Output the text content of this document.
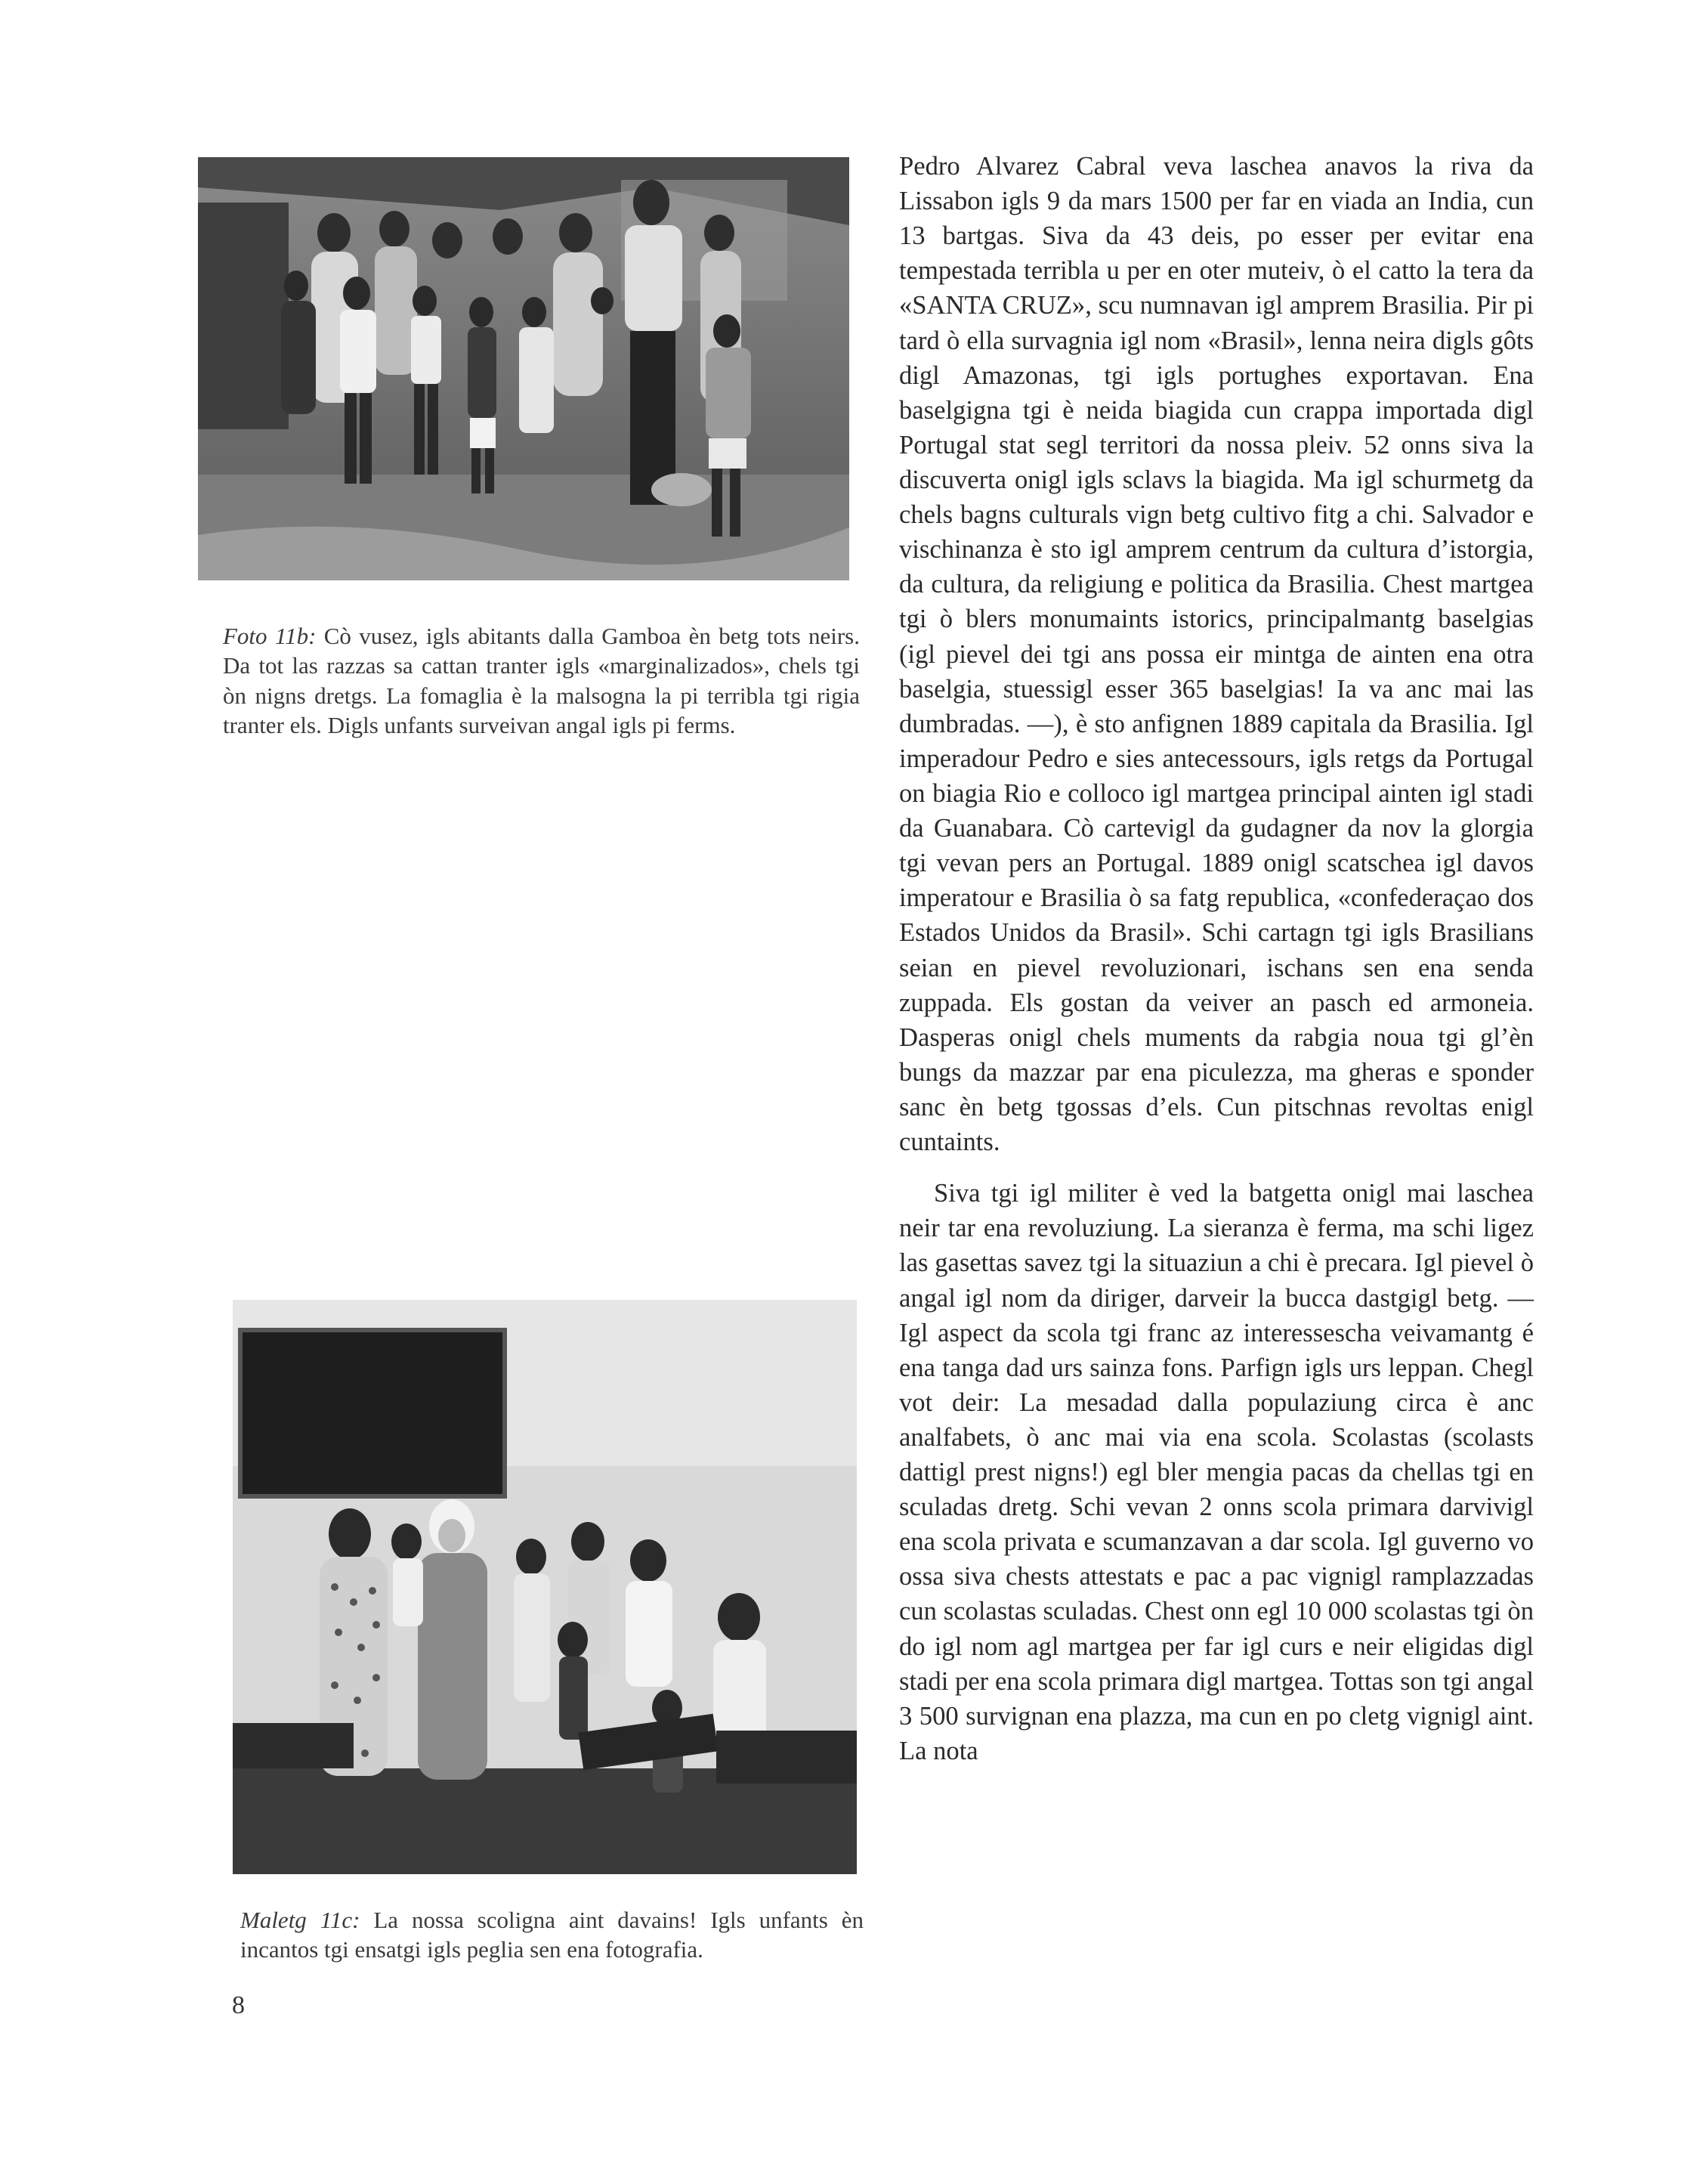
Foto 11b: Cò vusez, igls abitants dalla Gamboa èn betg tots neirs. Da tot las razzas sa cattan tranter igls «marginalizados», chels tgi òn nigns dretgs. La fomaglia è la malsogna la pi terribla tgi rigia tranter els. Digls unfants surveivan angal igls pi ferms.
Maletg 11c: La nossa scoligna aint davains! Igls unfants èn incantos tgi ensatgi igls peglia sen ena fotografia.

Pedro Alvarez Cabral veva laschea anavos la riva da Lissabon igls 9 da mars 1500 per far en viada an India, cun 13 bartgas. Siva da 43 deis, po esser per evitar ena tempestada terribla u per en oter muteiv, ò el catto la tera da «SANTA CRUZ», scu numnavan igl amprem Brasilia. Pir pi tard ò ella survagnia igl nom «Brasil», lenna neira digls gôts digl Amazonas, tgi igls portughes exportavan. Ena baselgigna tgi è neida biagida cun crappa importada digl Portugal stat segl territori da nossa pleiv. 52 onns siva la discuverta onigl igls sclavs la biagida. Ma igl schurmetg da chels bagns culturals vign betg cultivo fitg a chi. Salvador e vischinanza è sto igl amprem centrum da cultura d’istorgia, da cultura, da religiung e politica da Brasilia. Chest martgea tgi ò blers monumaints istorics, principalmantg baselgias (igl pievel dei tgi ans possa eir mintga de ainten ena otra baselgia, stuessigl esser 365 baselgias! Ia va anc mai las dumbradas. —), è sto anfignen 1889 capitala da Brasilia. Igl imperadour Pedro e sies antecessours, igls retgs da Portugal on biagia Rio e colloco igl martgea principal ainten igl stadi da Guanabara. Cò cartevigl da gudagner da nov la glorgia tgi vevan pers an Portugal. 1889 onigl scatschea igl davos imperatour e Brasilia ò sa fatg republica, «confederaçao dos Estados Unidos da Brasil». Schi cartagn tgi igls Brasilians seian en pievel revoluzionari, ischans sen ena senda zuppada. Els gostan da veiver an pasch ed armoneia. Dasperas onigl chels muments da rabgia noua tgi gl’èn bungs da mazzar par ena piculezza, ma gheras e sponder sanc èn betg tgossas d’els. Cun pitschnas revoltas enigl cuntaints.

Siva tgi igl militer è ved la batgetta onigl mai laschea neir tar ena revoluziung. La sieranza è ferma, ma schi ligez las gasettas savez tgi la situaziun a chi è precara. Igl pievel ò angal igl nom da diriger, darveir la bucca dastgigl betg. — Igl aspect da scola tgi franc az interessescha veivamantg é ena tanga dad urs sainza fons. Parfign igls urs leppan. Chegl vot deir: La mesadad dalla populaziung circa è anc analfabets, ò anc mai via ena scola. Scolastas (scolasts dattigl prest nigns!) egl bler mengia pacas da chellas tgi en sculadas dretg. Schi vevan 2 onns scola primara darvivigl ena scola privata e scumanzavan a dar scola. Igl guverno vo ossa siva chests attestats e pac a pac vignigl ramplazzadas cun scolastas sculadas. Chest onn egl 10 000 scolastas tgi òn do igl nom agl martgea per far igl curs e neir eligidas digl stadi per ena scola primara digl martgea. Tottas son tgi angal 3 500 survignan ena plazza, ma cun en po cletg vignigl aint. La nota

8
